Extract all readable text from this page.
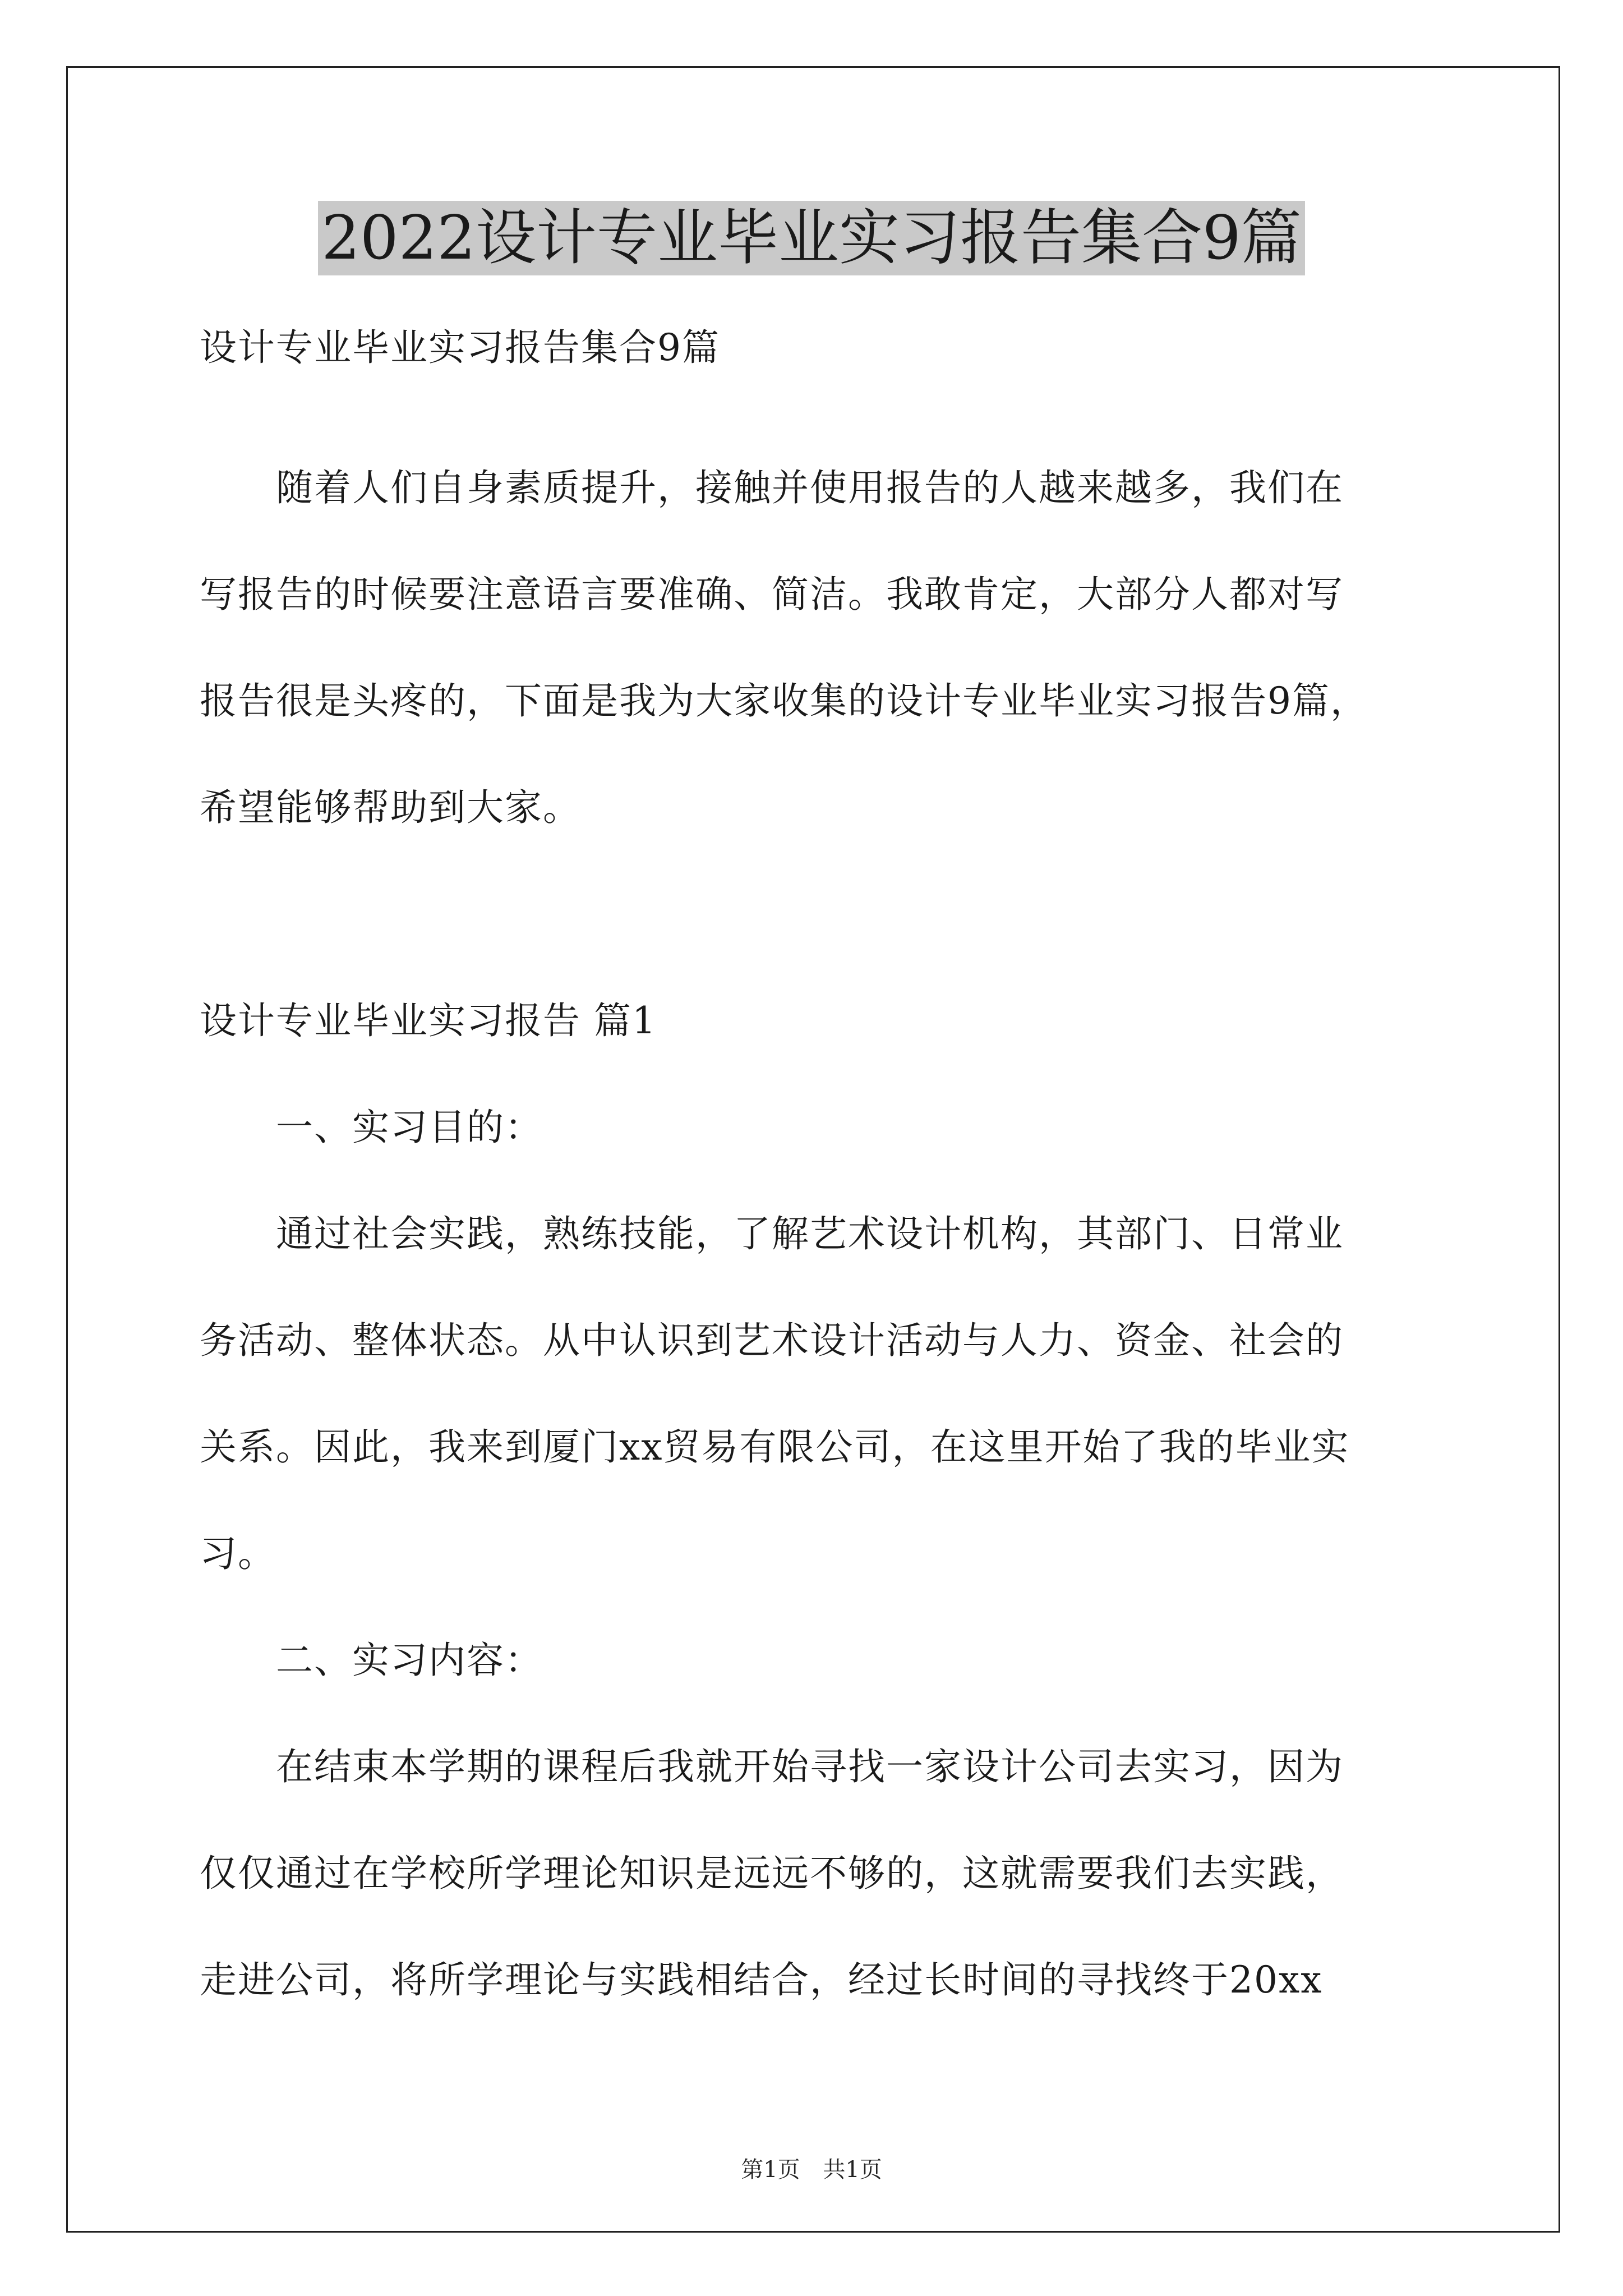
2022设计专业毕业实习报告集合9篇
设计专业毕业实习报告集合9篇
　　随着人们自身素质提升，接触并使用报告的人越来越多，我们在
写报告的时候要注意语言要准确、简洁。我敢肯定，大部分人都对写
报告很是头疼的，下面是我为大家收集的设计专业毕业实习报告9篇，
希望能够帮助到大家。
设计专业毕业实习报告 篇1
　　一、实习目的：
　　通过社会实践，熟练技能，了解艺术设计机构，其部门、日常业
务活动、整体状态。从中认识到艺术设计活动与人力、资金、社会的
关系。因此，我来到厦门xx贸易有限公司，在这里开始了我的毕业实
习。
　　二、实习内容：
　　在结束本学期的课程后我就开始寻找一家设计公司去实习，因为
仅仅通过在学校所学理论知识是远远不够的，这就需要我们去实践，
走进公司，将所学理论与实践相结合，经过长时间的寻找终于20xx
第1页 共1页
